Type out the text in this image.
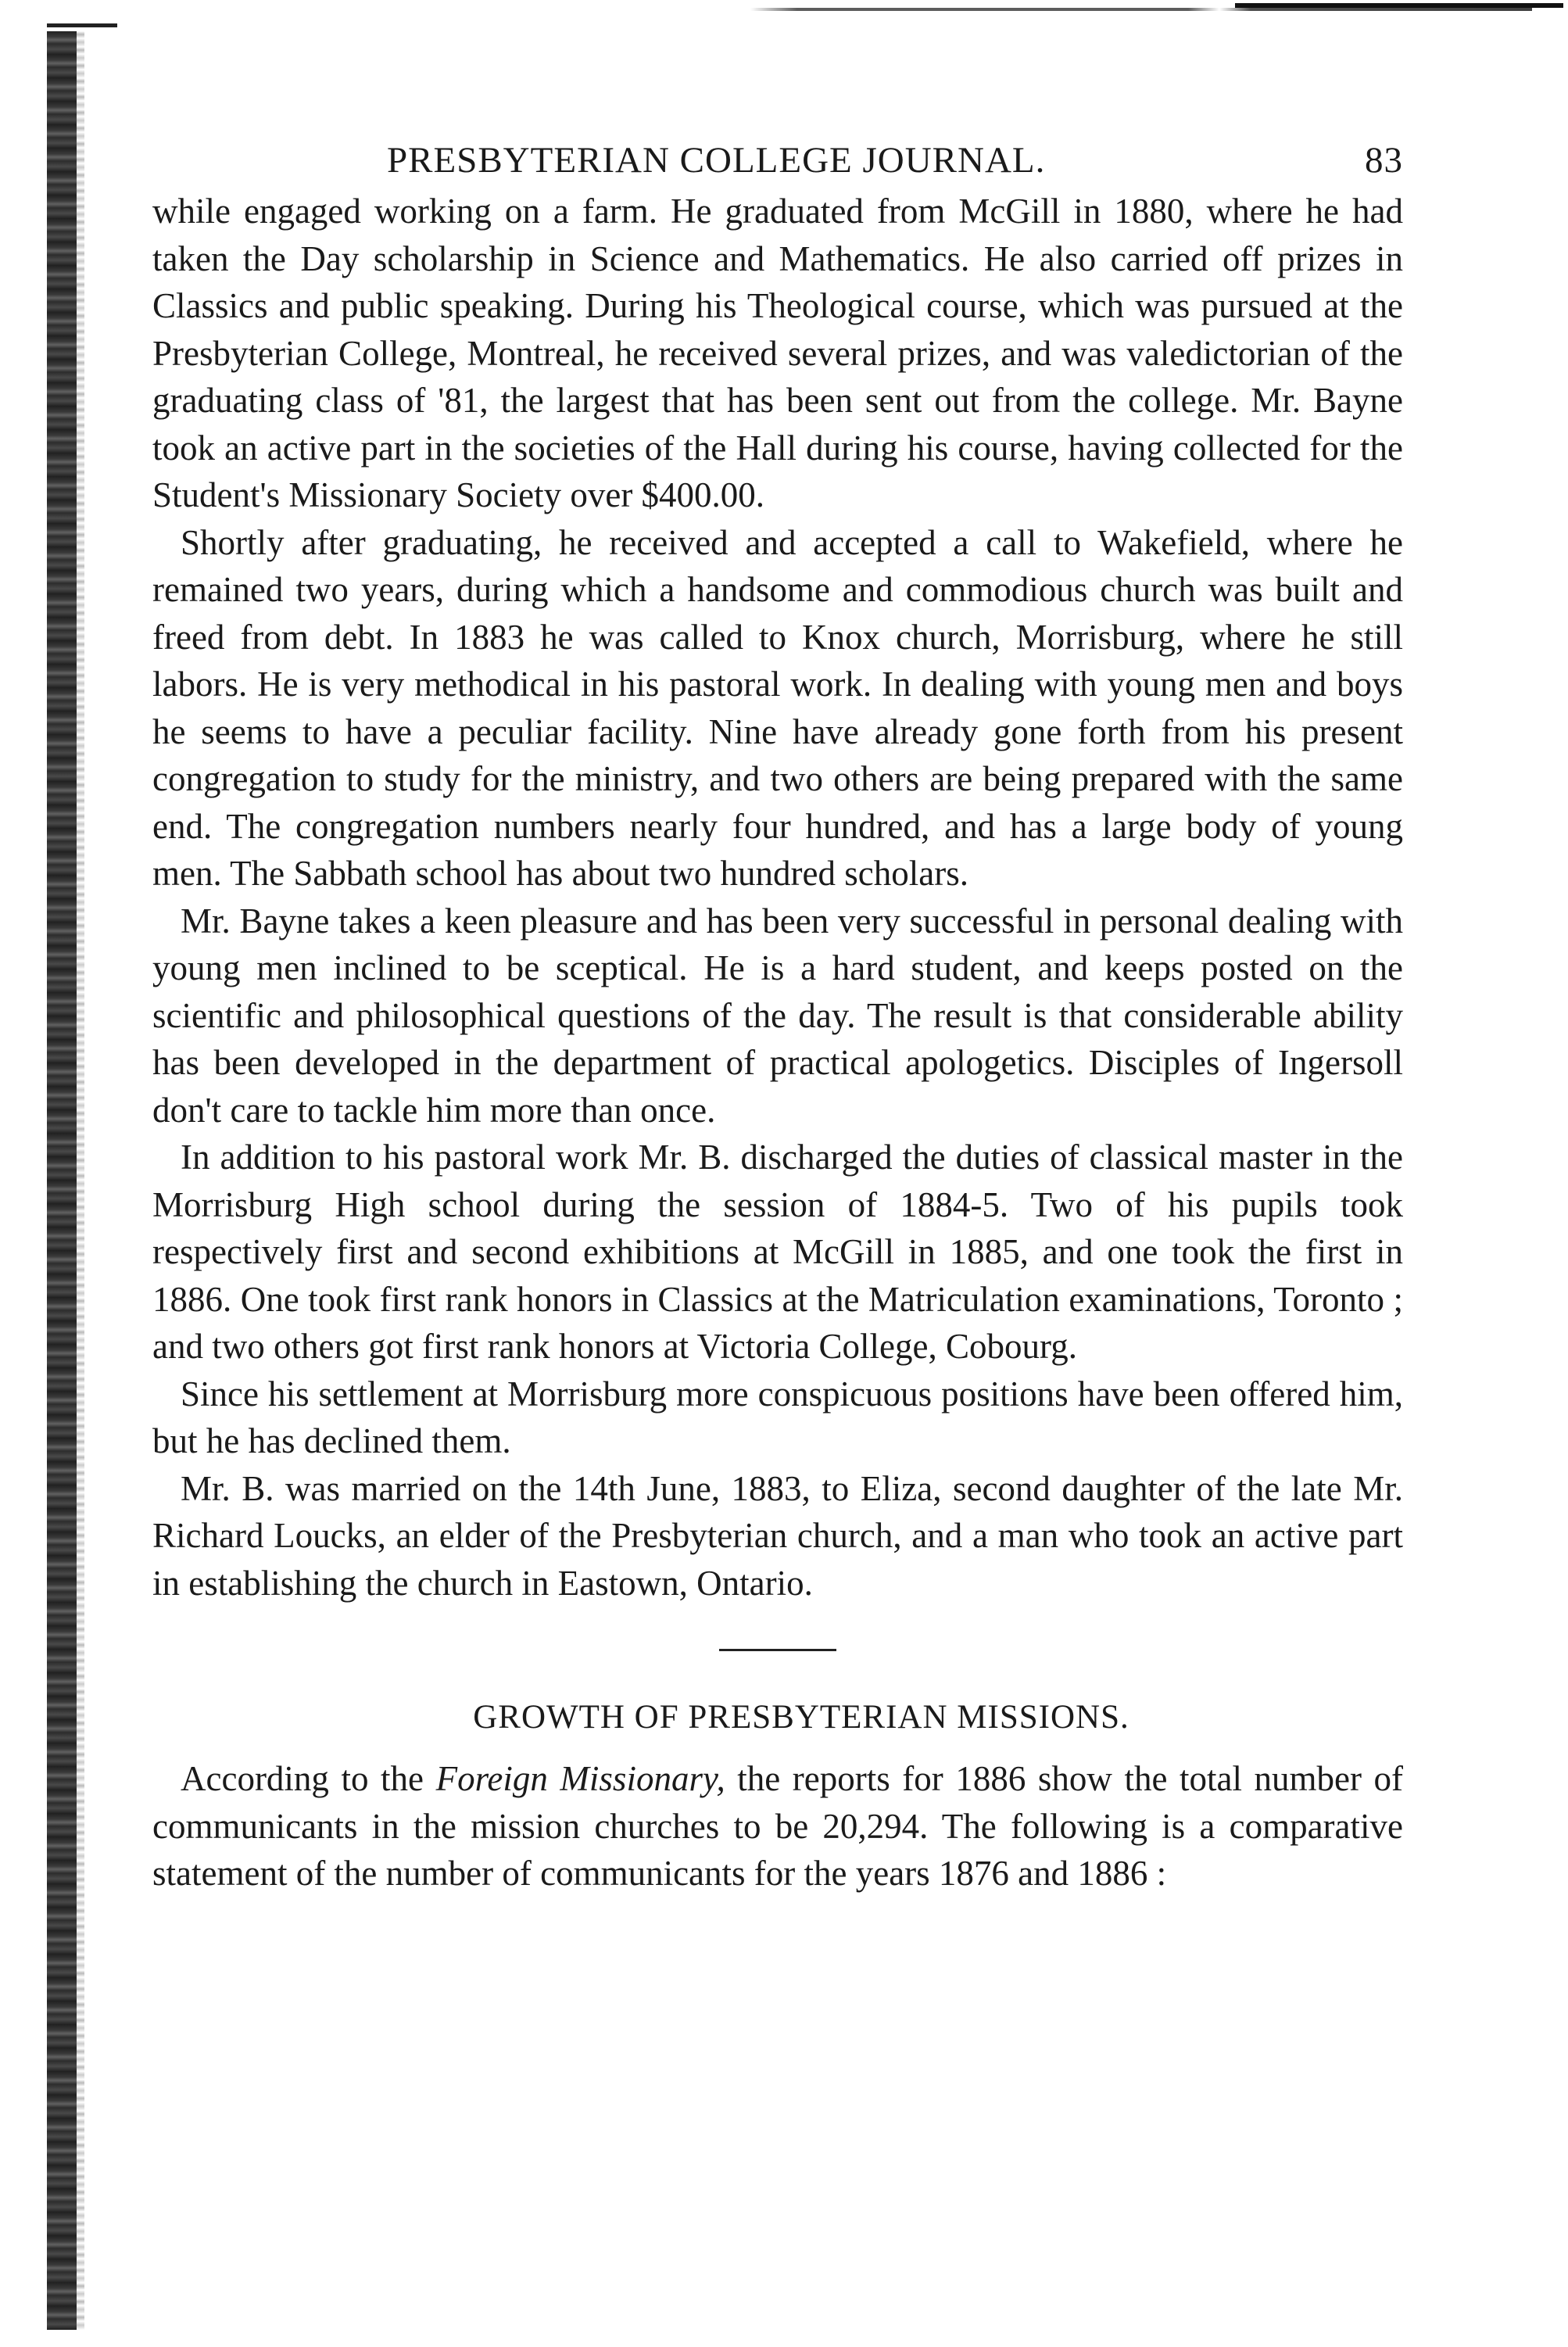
PRESBYTERIAN COLLEGE JOURNAL.	83

while engaged working on a farm. He graduated from McGill in 1880, where he had taken the Day scholarship in Science and Mathematics. He also carried off prizes in Classics and public speaking. During his Theological course, which was pursued at the Presbyterian College, Montreal, he received several prizes, and was valedictorian of the graduating class of '81, the largest that has been sent out from the college. Mr. Bayne took an active part in the societies of the Hall during his course, having collected for the Student's Missionary Society over $400.00.

Shortly after graduating, he received and accepted a call to Wakefield, where he remained two years, during which a handsome and commodious church was built and freed from debt. In 1883 he was called to Knox church, Morrisburg, where he still labors. He is very methodical in his pastoral work. In dealing with young men and boys he seems to have a peculiar facility. Nine have already gone forth from his present congregation to study for the ministry, and two others are being prepared with the same end. The congregation numbers nearly four hundred, and has a large body of young men. The Sabbath school has about two hundred scholars.

Mr. Bayne takes a keen pleasure and has been very successful in personal dealing with young men inclined to be sceptical. He is a hard student, and keeps posted on the scientific and philosophical questions of the day. The result is that considerable ability has been developed in the department of practical apologetics. Disciples of Ingersoll don't care to tackle him more than once.

In addition to his pastoral work Mr. B. discharged the duties of classical master in the Morrisburg High school during the session of 1884-5. Two of his pupils took respectively first and second exhibitions at McGill in 1885, and one took the first in 1886. One took first rank honors in Classics at the Matriculation examinations, Toronto ; and two others got first rank honors at Victoria College, Cobourg.

Since his settlement at Morrisburg more conspicuous positions have been offered him, but he has declined them.

Mr. B. was married on the 14th June, 1883, to Eliza, second daughter of the late Mr. Richard Loucks, an elder of the Presbyterian church, and a man who took an active part in establishing the church in Eastown, Ontario.

GROWTH OF PRESBYTERIAN MISSIONS.

According to the Foreign Missionary, the reports for 1886 show the total number of communicants in the mission churches to be 20,294. The following is a comparative statement of the number of communicants for the years 1876 and 1886 :
